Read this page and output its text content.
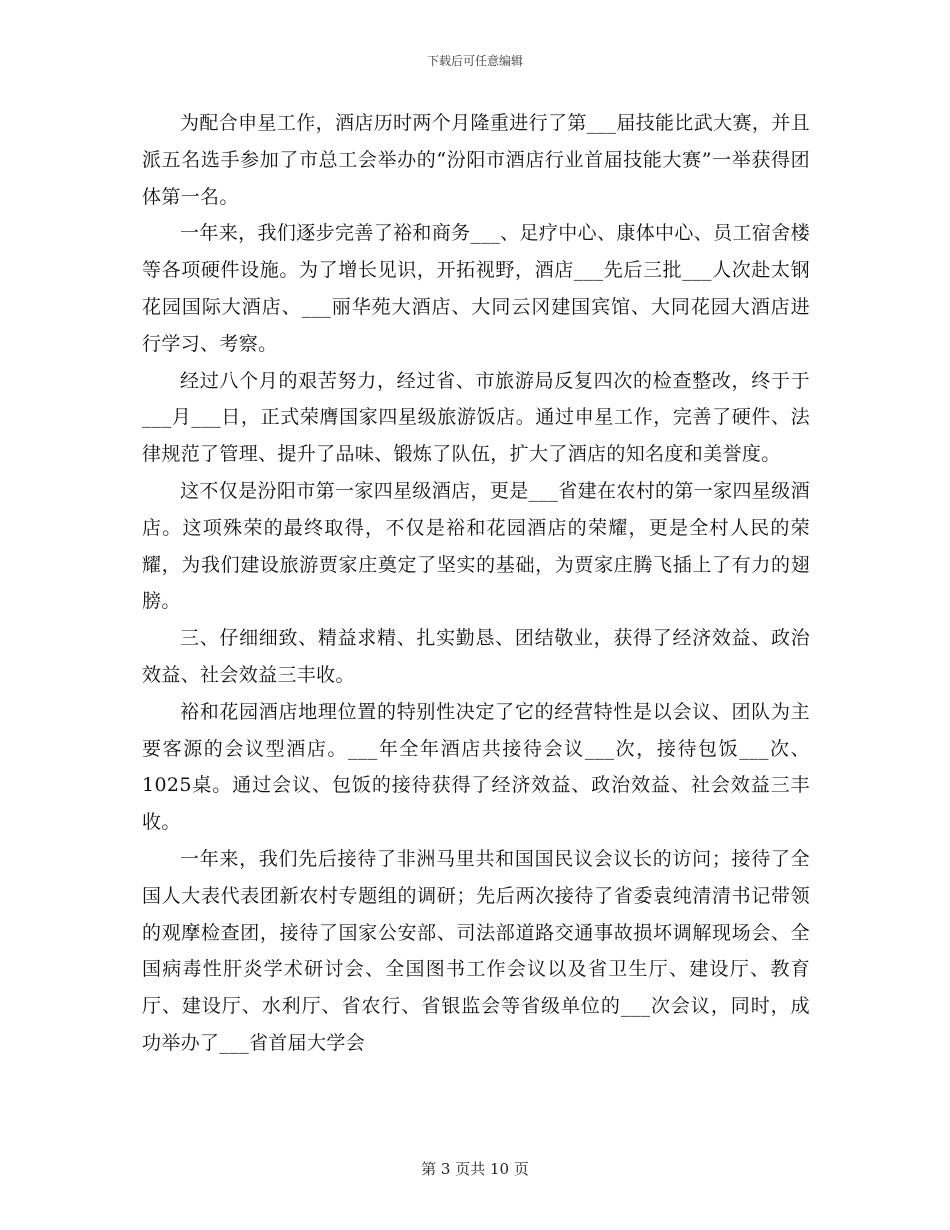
下载后可任意编辑

为配合申星工作，酒店历时两个月隆重进行了第___届技能比武大赛，并且派五名选手参加了市总工会举办的“汾阳市酒店行业首届技能大赛”一举获得团体第一名。

一年来，我们逐步完善了裕和商务___、足疗中心、康体中心、员工宿舍楼等各项硬件设施。为了增长见识，开拓视野，酒店___先后三批___人次赴太钢花园国际大酒店、___丽华苑大酒店、大同云冈建国宾馆、大同花园大酒店进行学习、考察。

经过八个月的艰苦努力，经过省、市旅游局反复四次的检查整改，终于于___月___日，正式荣膺国家四星级旅游饭店。通过申星工作，完善了硬件、法律规范了管理、提升了品味、锻炼了队伍，扩大了酒店的知名度和美誉度。

这不仅是汾阳市第一家四星级酒店，更是___省建在农村的第一家四星级酒店。这项殊荣的最终取得，不仅是裕和花园酒店的荣耀，更是全村人民的荣耀，为我们建设旅游贾家庄奠定了坚实的基础，为贾家庄腾飞插上了有力的翅膀。

三、仔细细致、精益求精、扎实勤恳、团结敬业，获得了经济效益、政治效益、社会效益三丰收。

裕和花园酒店地理位置的特别性决定了它的经营特性是以会议、团队为主要客源的会议型酒店。___年全年酒店共接待会议___次，接待包饭___次、1025桌。通过会议、包饭的接待获得了经济效益、政治效益、社会效益三丰收。

一年来，我们先后接待了非洲马里共和国国民议会议长的访问；接待了全国人大表代表团新农村专题组的调研；先后两次接待了省委袁纯清清书记带领的观摩检查团，接待了国家公安部、司法部道路交通事故损坏调解现场会、全国病毒性肝炎学术研讨会、全国图书工作会议以及省卫生厅、建设厅、教育厅、建设厅、水利厅、省农行、省银监会等省级单位的___次会议，同时，成功举办了___省首届大学会

第 3 页共 10 页
